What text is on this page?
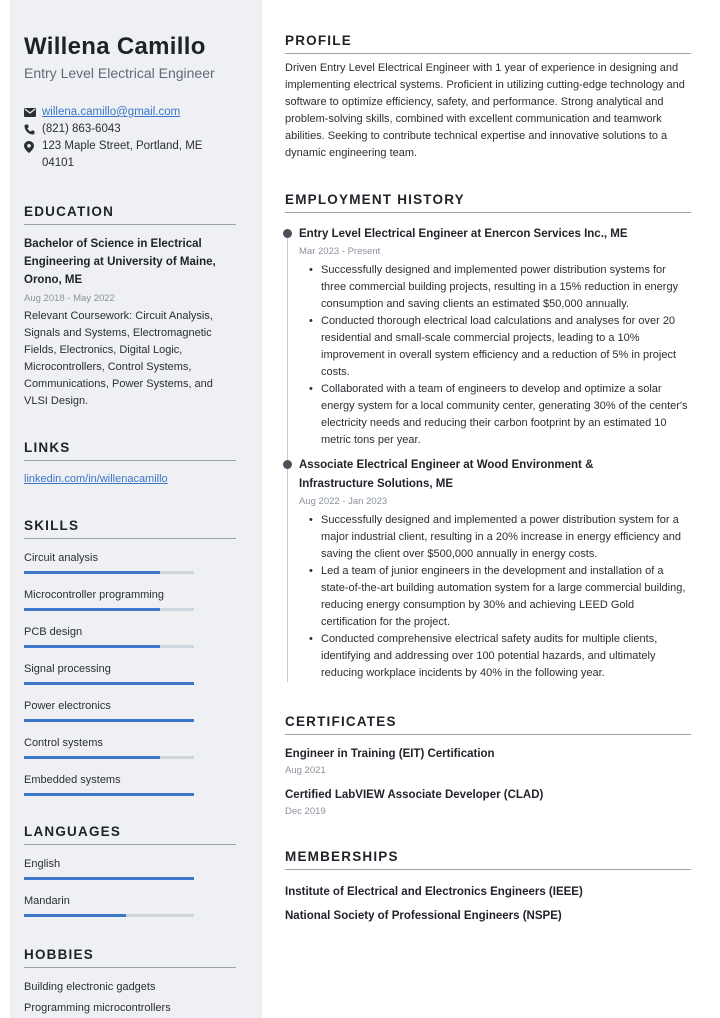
Willena Camillo
Entry Level Electrical Engineer
willena.camillo@gmail.com
(821) 863-6043
123 Maple Street, Portland, ME 04101
EDUCATION
Bachelor of Science in Electrical Engineering at University of Maine, Orono, ME
Aug 2018 - May 2022
Relevant Coursework: Circuit Analysis, Signals and Systems, Electromagnetic Fields, Electronics, Digital Logic, Microcontrollers, Control Systems, Communications, Power Systems, and VLSI Design.
LINKS
linkedin.com/in/willenacamillo
SKILLS
Circuit analysis
Microcontroller programming
PCB design
Signal processing
Power electronics
Control systems
Embedded systems
LANGUAGES
English
Mandarin
HOBBIES
Building electronic gadgets
Programming microcontrollers
PROFILE

Driven Entry Level Electrical Engineer with 1 year of experience in designing and implementing electrical systems. Proficient in utilizing cutting-edge technology and software to optimize efficiency, safety, and performance. Strong analytical and problem-solving skills, combined with excellent communication and teamwork abilities. Seeking to contribute technical expertise and innovative solutions to a dynamic engineering team.

EMPLOYMENT HISTORY
Entry Level Electrical Engineer at Enercon Services Inc., ME
Mar 2023 - Present
• Successfully designed and implemented power distribution systems for three commercial building projects, resulting in a 15% reduction in energy consumption and saving clients an estimated $50,000 annually.
• Conducted thorough electrical load calculations and analyses for over 20 residential and small-scale commercial projects, leading to a 10% improvement in overall system efficiency and a reduction of 5% in project costs.
• Collaborated with a team of engineers to develop and optimize a solar energy system for a local community center, generating 30% of the center's electricity needs and reducing their carbon footprint by an estimated 10 metric tons per year.
Associate Electrical Engineer at Wood Environment & Infrastructure Solutions, ME
Aug 2022 - Jan 2023
• Successfully designed and implemented a power distribution system for a major industrial client, resulting in a 20% increase in energy efficiency and saving the client over $500,000 annually in energy costs.
• Led a team of junior engineers in the development and installation of a state-of-the-art building automation system for a large commercial building, reducing energy consumption by 30% and achieving LEED Gold certification for the project.
• Conducted comprehensive electrical safety audits for multiple clients, identifying and addressing over 100 potential hazards, and ultimately reducing workplace incidents by 40% in the following year.
CERTIFICATES
Engineer in Training (EIT) Certification
Aug 2021
Certified LabVIEW Associate Developer (CLAD)
Dec 2019
MEMBERSHIPS
Institute of Electrical and Electronics Engineers (IEEE)
National Society of Professional Engineers (NSPE)
